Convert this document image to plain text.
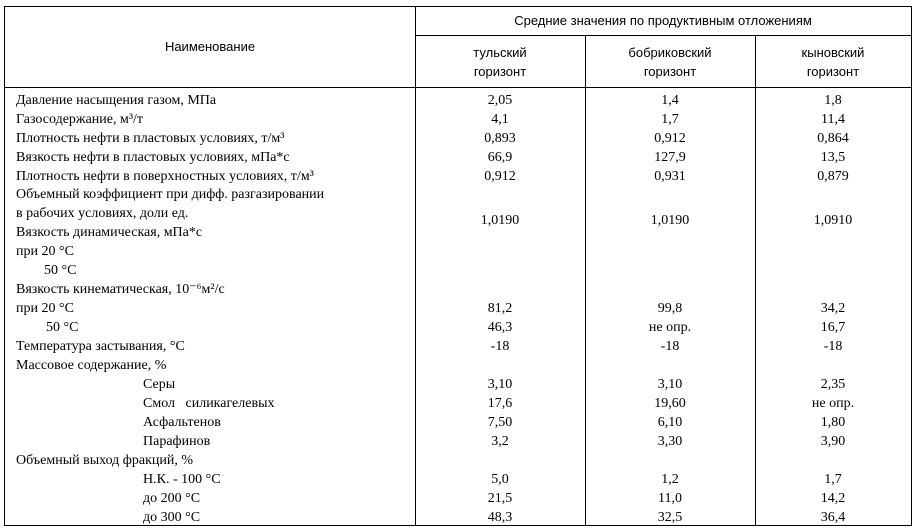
Наименование
Средние значения по продуктивным отложениям
тульский
горизонт
бобриковский
горизонт
кыновский
горизонт
Давление насыщения газом, МПа	2,05	1,4	1,8
Газосодержание, м³/т	4,1	1,7	11,4
Плотность нефти в пластовых условиях, т/м³	0,893	0,912	0,864
Вязкость нефти в пластовых условиях, мПа*с	66,9	127,9	13,5
Плотность нефти в поверхностных условиях, т/м³	0,912	0,931	0,879
Объемный коэффициент при дифф. разгазировании
в рабочих условиях, доли ед.	1,0190	1,0190	1,0910
Вязкость динамическая, мПа*с
при 20 °С
50 °С
Вязкость кинематическая, 10⁻⁶м²/с
при 20 °С	81,2	99,8	34,2
50 °С	46,3	не опр.	16,7
Температура застывания, °С	-18	-18	-18
Массовое содержание, %
Серы	3,10	3,10	2,35
Смол   силикагелевых	17,6	19,60	не опр.
Асфальтенов	7,50	6,10	1,80
Парафинов	3,2	3,30	3,90
Объемный выход фракций, %
Н.К. - 100 °С	5,0	1,2	1,7
до 200 °С	21,5	11,0	14,2
до 300 °С	48,3	32,5	36,4
